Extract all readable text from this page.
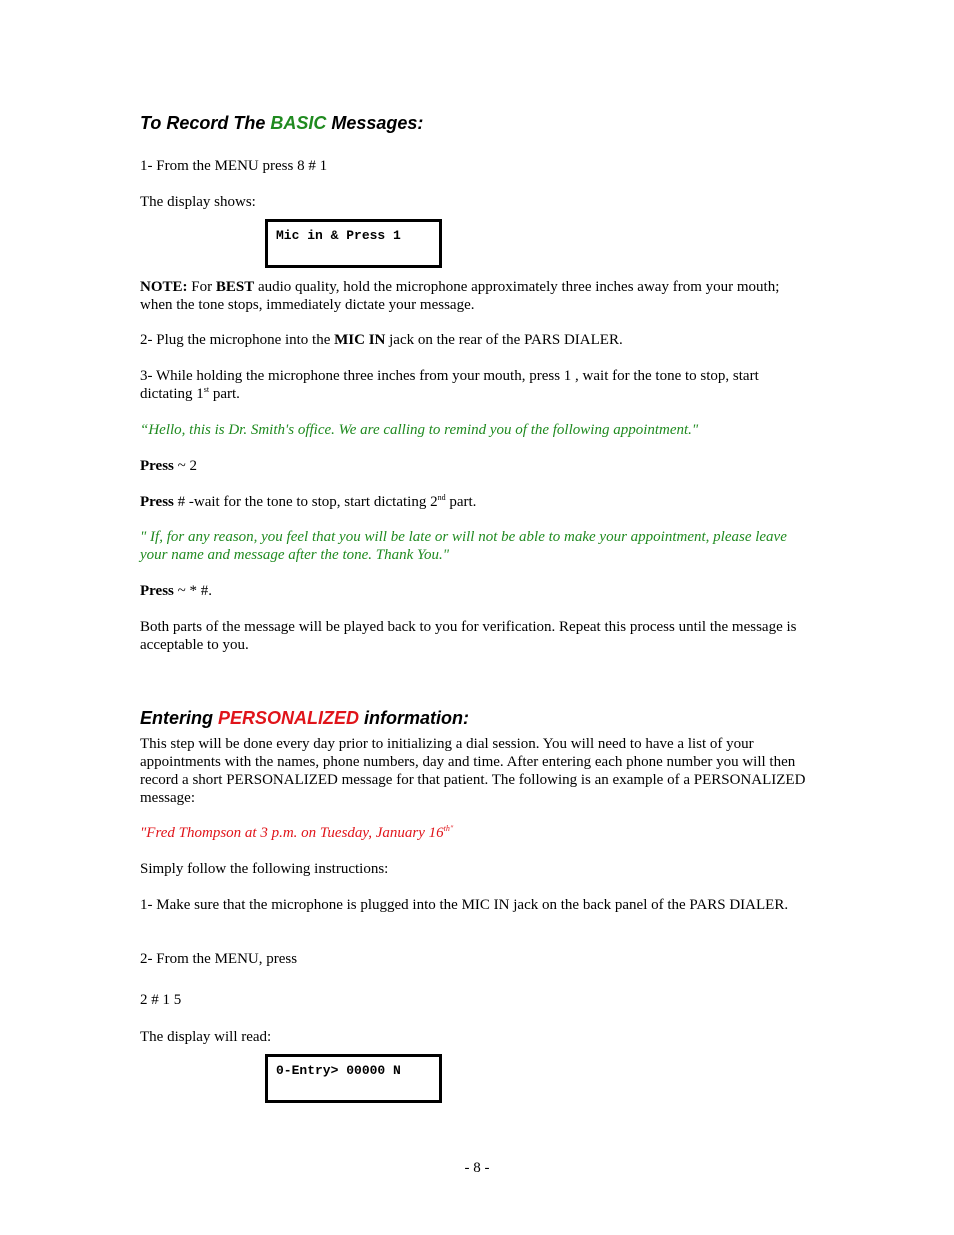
To Record The BASIC Messages:

1- From the MENU press 8 # 1

The display shows:

Mic in & Press 1

NOTE: For BEST audio quality, hold the microphone approximately three inches away from your mouth; when the tone stops, immediately dictate your message.

2- Plug the microphone into the MIC IN jack on the rear of the PARS DIALER.

3- While holding the microphone three inches from your mouth, press 1 , wait for the tone to stop, start dictating 1st part.

“Hello, this is Dr. Smith's office. We are calling to remind you of the following appointment."

Press ~ 2

Press # -wait for the tone to stop, start dictating 2nd part.

" If, for any reason, you feel that you will be late or will not be able to make your appointment, please leave your name and message after the tone. Thank You."

Press ~ * #.

Both parts of the message will be played back to you for verification. Repeat this process until the message is acceptable to you.

Entering PERSONALIZED information:

This step will be done every day prior to initializing a dial session. You will need to have a list of your appointments with the names, phone numbers, day and time. After entering each phone number you will then record a short PERSONALIZED message for that patient. The following is an example of a PERSONALIZED message:

"Fred Thompson at 3 p.m. on Tuesday, January $16^{th"}$

Simply follow the following instructions:

1- Make sure that the microphone is plugged into the MIC IN jack on the back panel of the PARS DIALER.

2- From the MENU, press

2 # 1 5

The display will read:

0-Entry> 00000 N
- 8 -
